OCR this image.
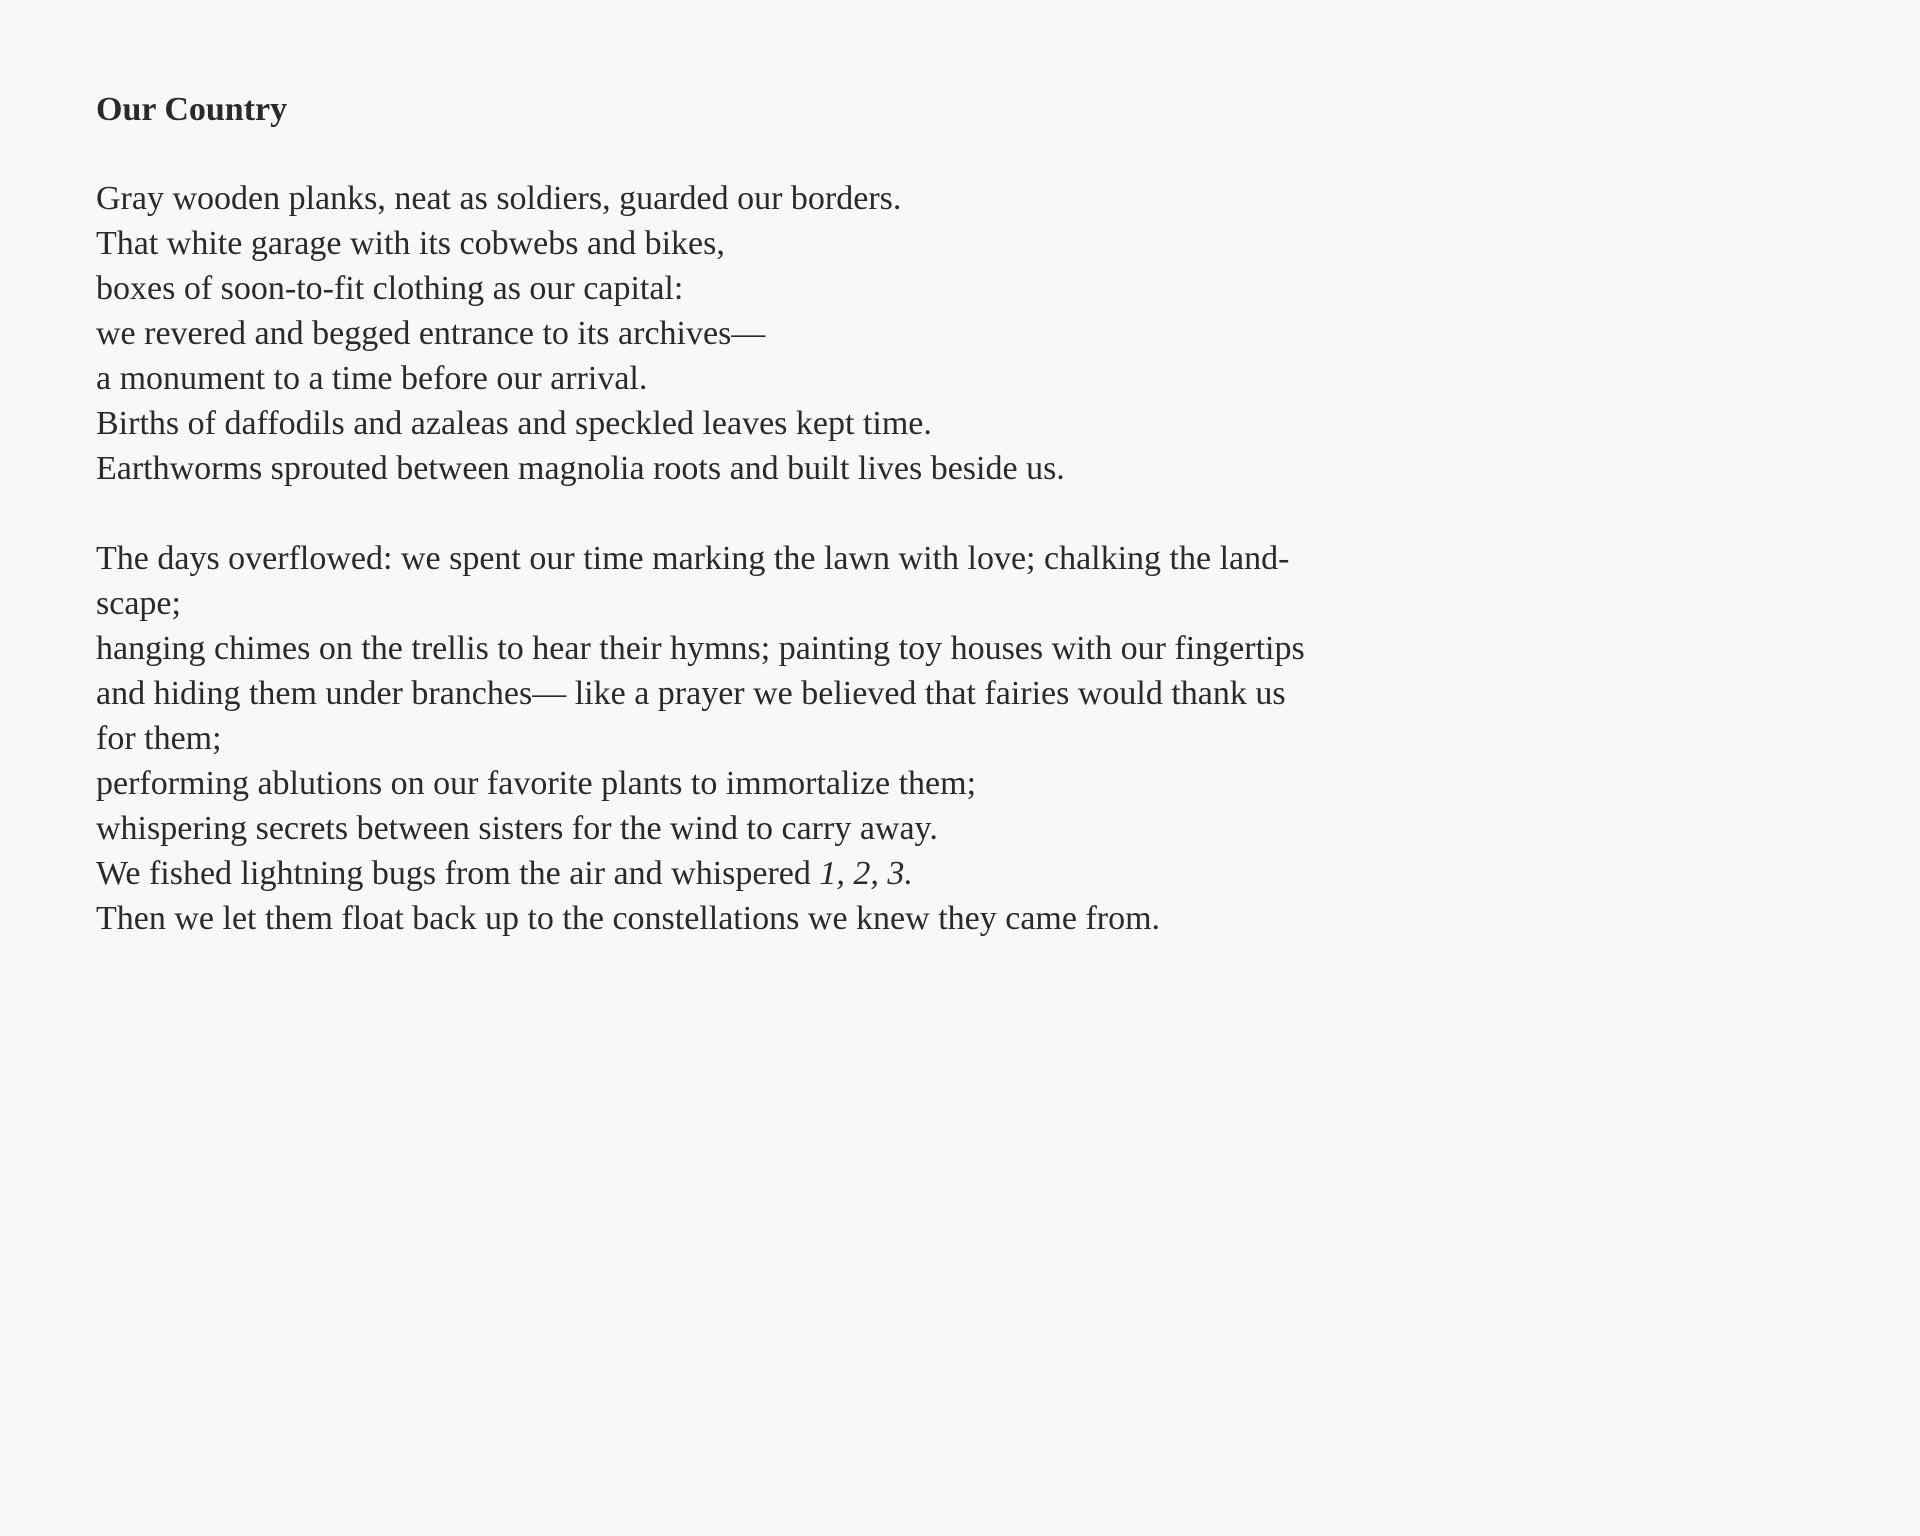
Our Country
Gray wooden planks, neat as soldiers, guarded our borders.
That white garage with its cobwebs and bikes,
boxes of soon-to-fit clothing as our capital:
we revered and begged entrance to its archives—
a monument to a time before our arrival.
Births of daffodils and azaleas and speckled leaves kept time.
Earthworms sprouted between magnolia roots and built lives beside us.
The days overflowed: we spent our time marking the lawn with love; chalking the land-
scape;
hanging chimes on the trellis to hear their hymns; painting toy houses with our fingertips
and hiding them under branches— like a prayer we believed that fairies would thank us
for them;
performing ablutions on our favorite plants to immortalize them;
whispering secrets between sisters for the wind to carry away.
We fished lightning bugs from the air and whispered 1, 2, 3.
Then we let them float back up to the constellations we knew they came from.
